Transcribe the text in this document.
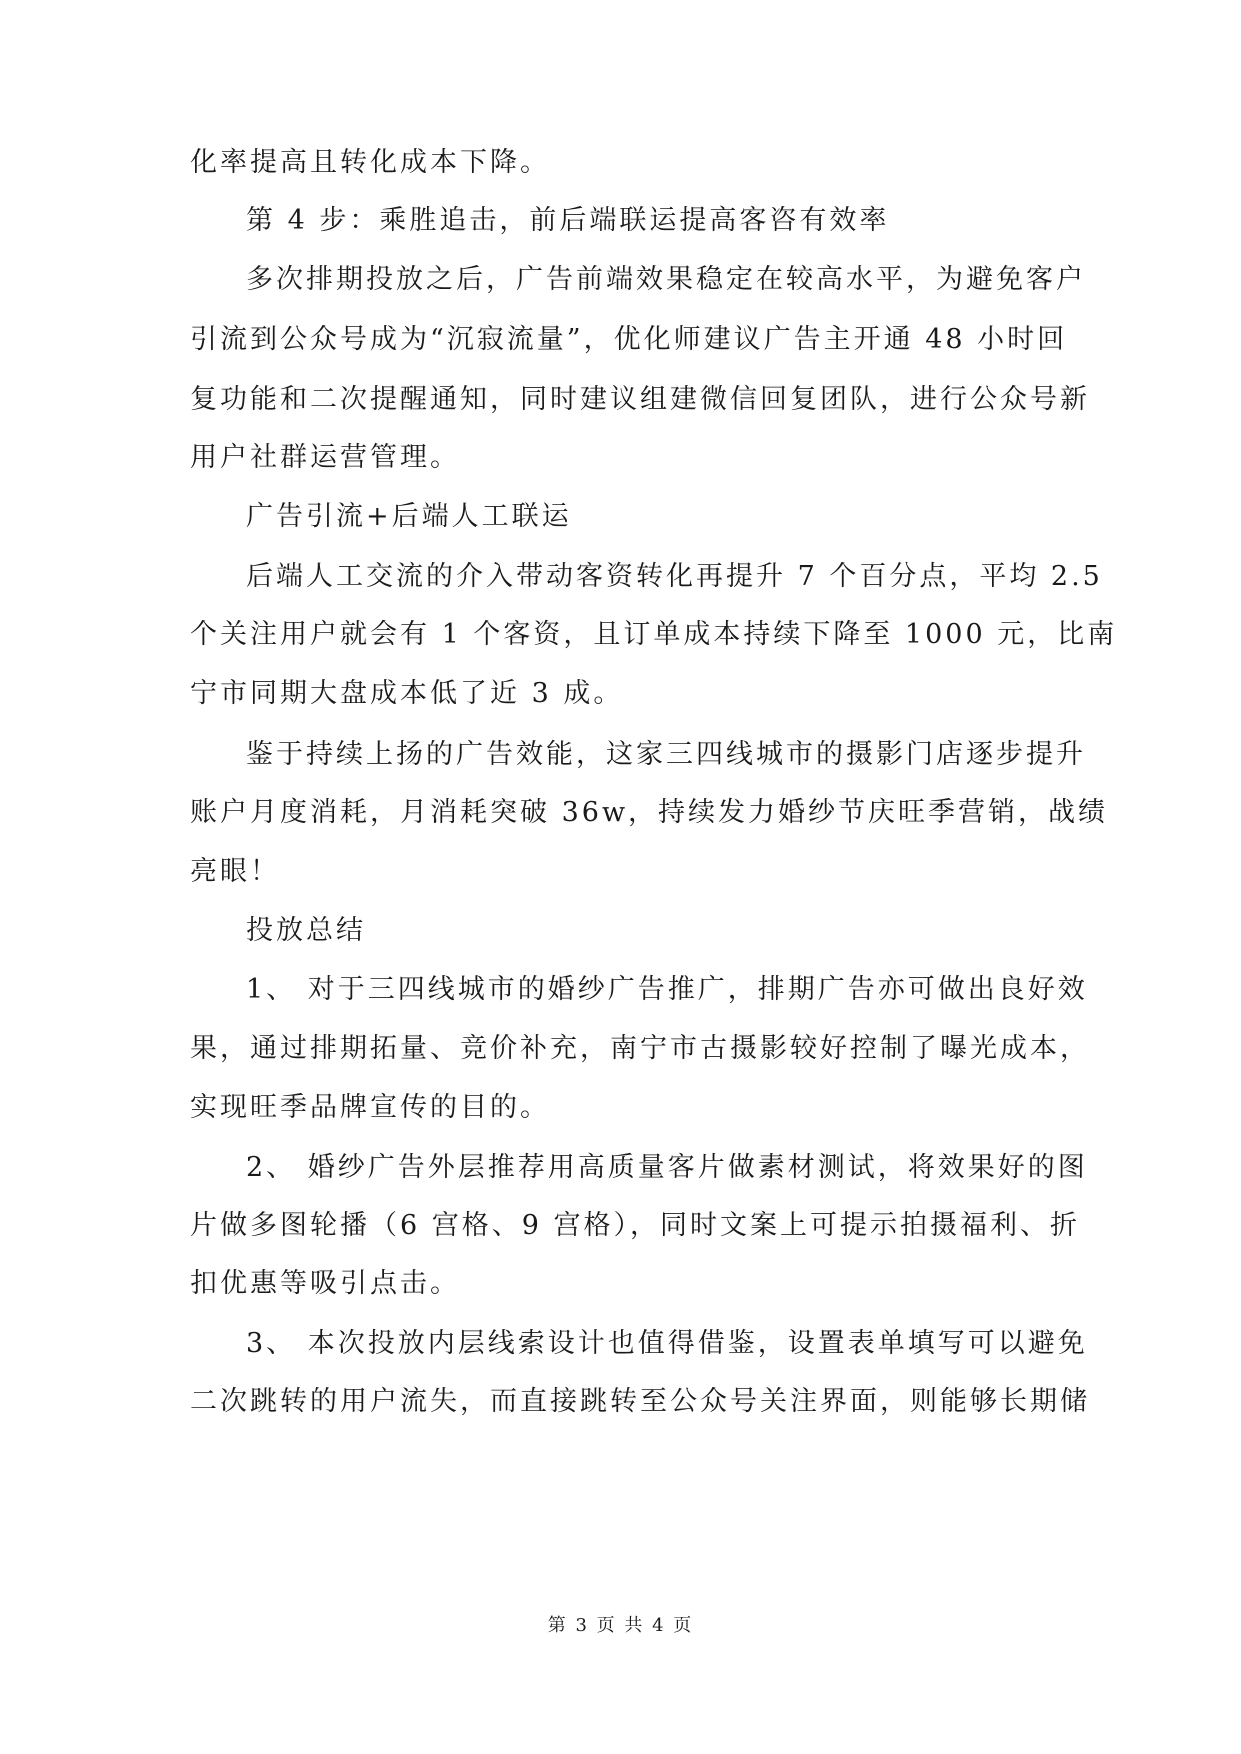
化率提高且转化成本下降。
第 4 步：乘胜追击，前后端联运提高客咨有效率
多次排期投放之后，广告前端效果稳定在较高水平，为避免客户
引流到公众号成为“沉寂流量”，优化师建议广告主开通 48 小时回
复功能和二次提醒通知，同时建议组建微信回复团队，进行公众号新
用户社群运营管理。
广告引流+后端人工联运
后端人工交流的介入带动客资转化再提升 7 个百分点，平均 2.5
个关注用户就会有 1 个客资，且订单成本持续下降至 1000 元，比南
宁市同期大盘成本低了近 3 成。
鉴于持续上扬的广告效能，这家三四线城市的摄影门店逐步提升
账户月度消耗，月消耗突破 36w，持续发力婚纱节庆旺季营销，战绩
亮眼！
投放总结
1、 对于三四线城市的婚纱广告推广，排期广告亦可做出良好效
果，通过排期拓量、竞价补充，南宁市古摄影较好控制了曝光成本，
实现旺季品牌宣传的目的。
2、 婚纱广告外层推荐用高质量客片做素材测试，将效果好的图
片做多图轮播（6 宫格、9 宫格），同时文案上可提示拍摄福利、折
扣优惠等吸引点击。
3、 本次投放内层线索设计也值得借鉴，设置表单填写可以避免
二次跳转的用户流失，而直接跳转至公众号关注界面，则能够长期储
第 3 页 共 4 页
